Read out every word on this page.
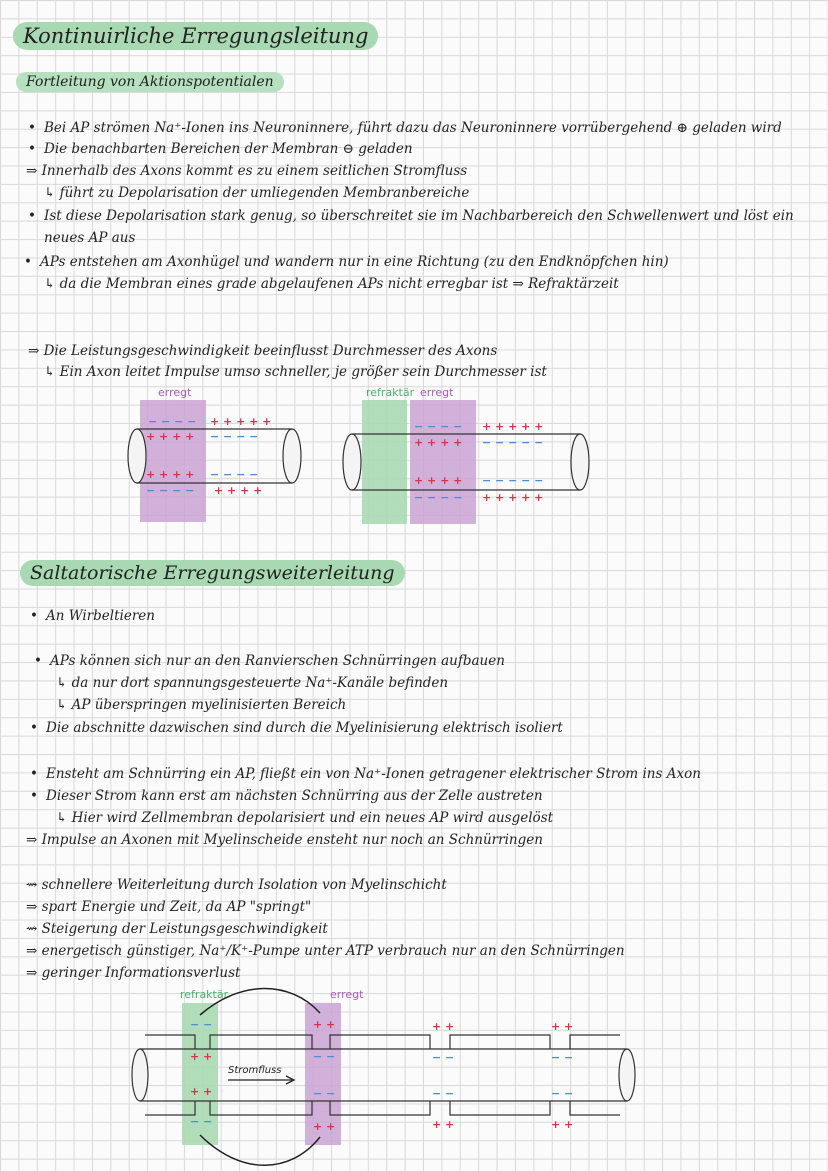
Kontinuirliche Erregungsleitung
Fortleitung von Aktionspotentialen
• Bei AP strömen Na⁺-Ionen ins Neuroninnere, führt dazu das Neuroninnere vorrübergehend ⊕ geladen wird
• Die benachbarten Bereichen der Membran ⊖ geladen
⇒ Innerhalb des Axons kommt es zu einem seitlichen Stromfluss
↳ führt zu Depolarisation der umliegenden Membranbereiche
• Ist diese Depolarisation stark genug, so überschreitet sie im Nachbarbereich den Schwellenwert und löst ein
neues AP aus
• APs entstehen am Axonhügel und wandern nur in eine Richtung (zu den Endknöpfchen hin)
↳ da die Membran eines grade abgelaufenen APs nicht erregbar ist ⇒ Refraktärzeit
⇒ Die Leistungsgeschwindigkeit beeinflusst Durchmesser des Axons
↳ Ein Axon leitet Impulse umso schneller, je größer sein Durchmesser ist
erregt
− − − −
+ + + +
+ + + + +
− − − −
+ + + +
− − − −
− − − −
+ + + +
refraktär erregt
− − − −
+ + + +
+ + + + +
− − − − −
+ + + +
− − − −
− − − − −
+ + + + +
Saltatorische Erregungsweiterleitung
• An Wirbeltieren
• APs können sich nur an den Ranvierschen Schnürringen aufbauen
↳ da nur dort spannungsgesteuerte Na⁺-Kanäle befinden
↳ AP überspringen myelinisierten Bereich
• Die abschnitte dazwischen sind durch die Myelinisierung elektrisch isoliert
• Ensteht am Schnürring ein AP, fließt ein von Na⁺-Ionen getragener elektrischer Strom ins Axon
• Dieser Strom kann erst am nächsten Schnürring aus der Zelle austreten
↳ Hier wird Zellmembran depolarisiert und ein neues AP wird ausgelöst
⇒ Impulse an Axonen mit Myelinscheide ensteht nur noch an Schnürringen
⇝ schnellere Weiterleitung durch Isolation von Myelinschicht
⇒ spart Energie und Zeit, da AP "springt"
⇝ Steigerung der Leistungsgeschwindigkeit
⇒ energetisch günstiger, Na⁺/K⁺-Pumpe unter ATP verbrauch nur an den Schnürringen
⇒ geringer Informationsverlust
refraktär	erregt
Stromfluss
− −
+ +
+ +
− −
+ +
− −
− −
+ +
+ +
− −
− −
+ +
+ +
− −
− −
+ +
